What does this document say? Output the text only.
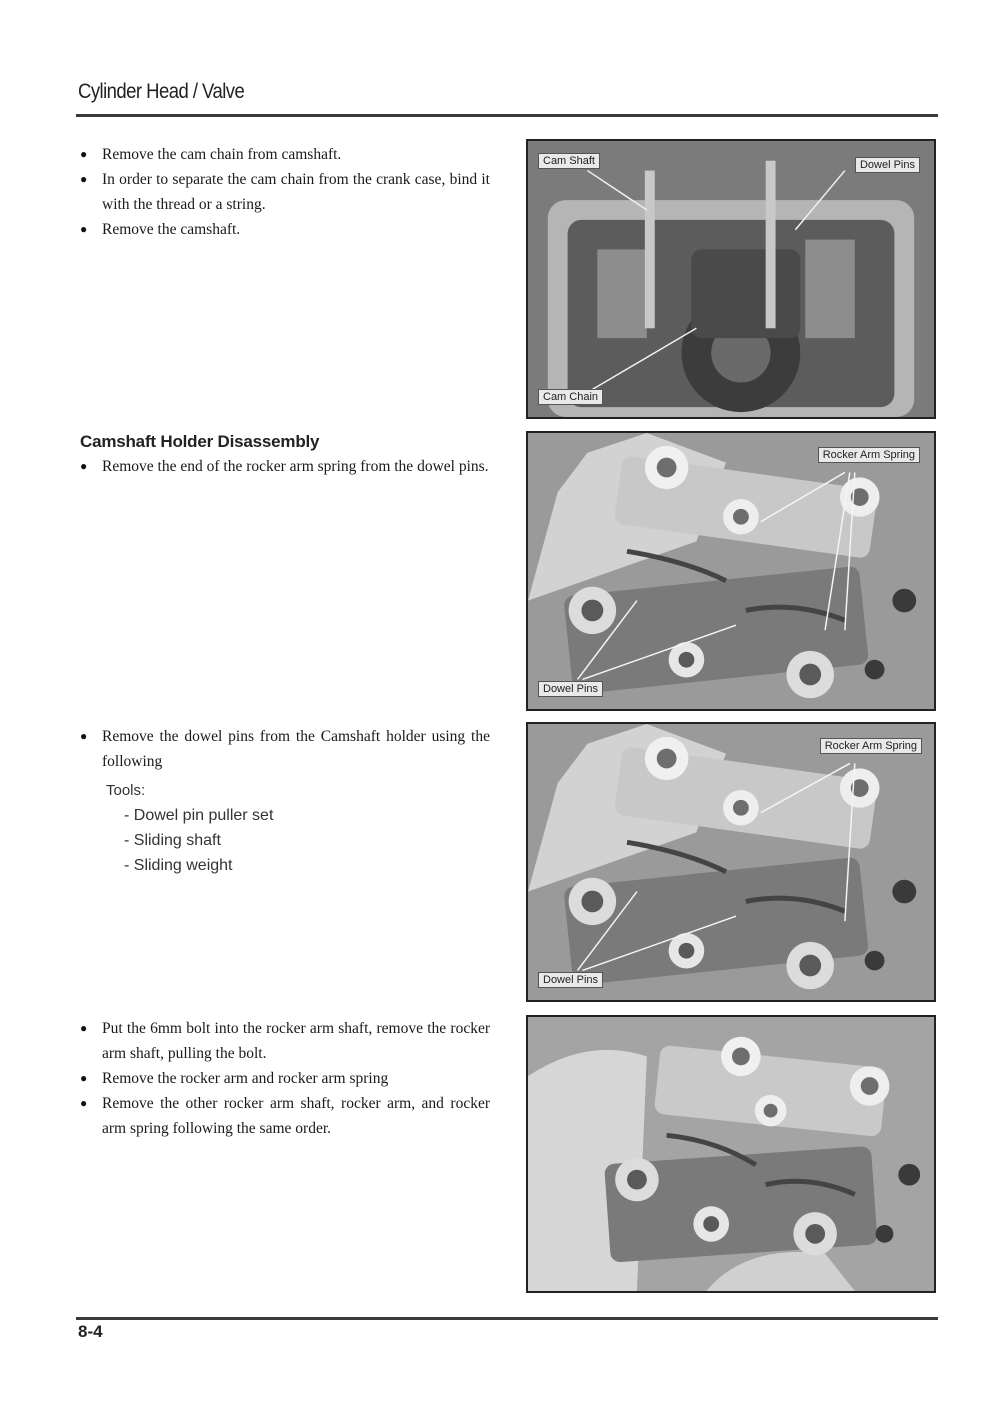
Cylinder Head / Valve
● Remove the cam chain from camshaft.
● In order to separate the cam chain from the crank case, bind it with the thread or a string.
● Remove the camshaft.
Cam Shaft	Dowel Pins
Cam Chain
Camshaft Holder Disassembly
● Remove the end of the rocker arm spring from the dowel pins.
Rocker Arm Spring
Dowel Pins
● Remove the dowel pins from the Camshaft holder using the following
Tools:
- Dowel pin puller set
- Sliding shaft
- Sliding weight
Rocker Arm Spring
Dowel Pins
● Put the 6mm bolt into the rocker arm shaft, remove the rocker arm shaft, pulling the bolt.
● Remove the rocker arm and rocker arm spring
● Remove the other rocker arm shaft, rocker arm, and rocker arm spring following the same order.
8-4
